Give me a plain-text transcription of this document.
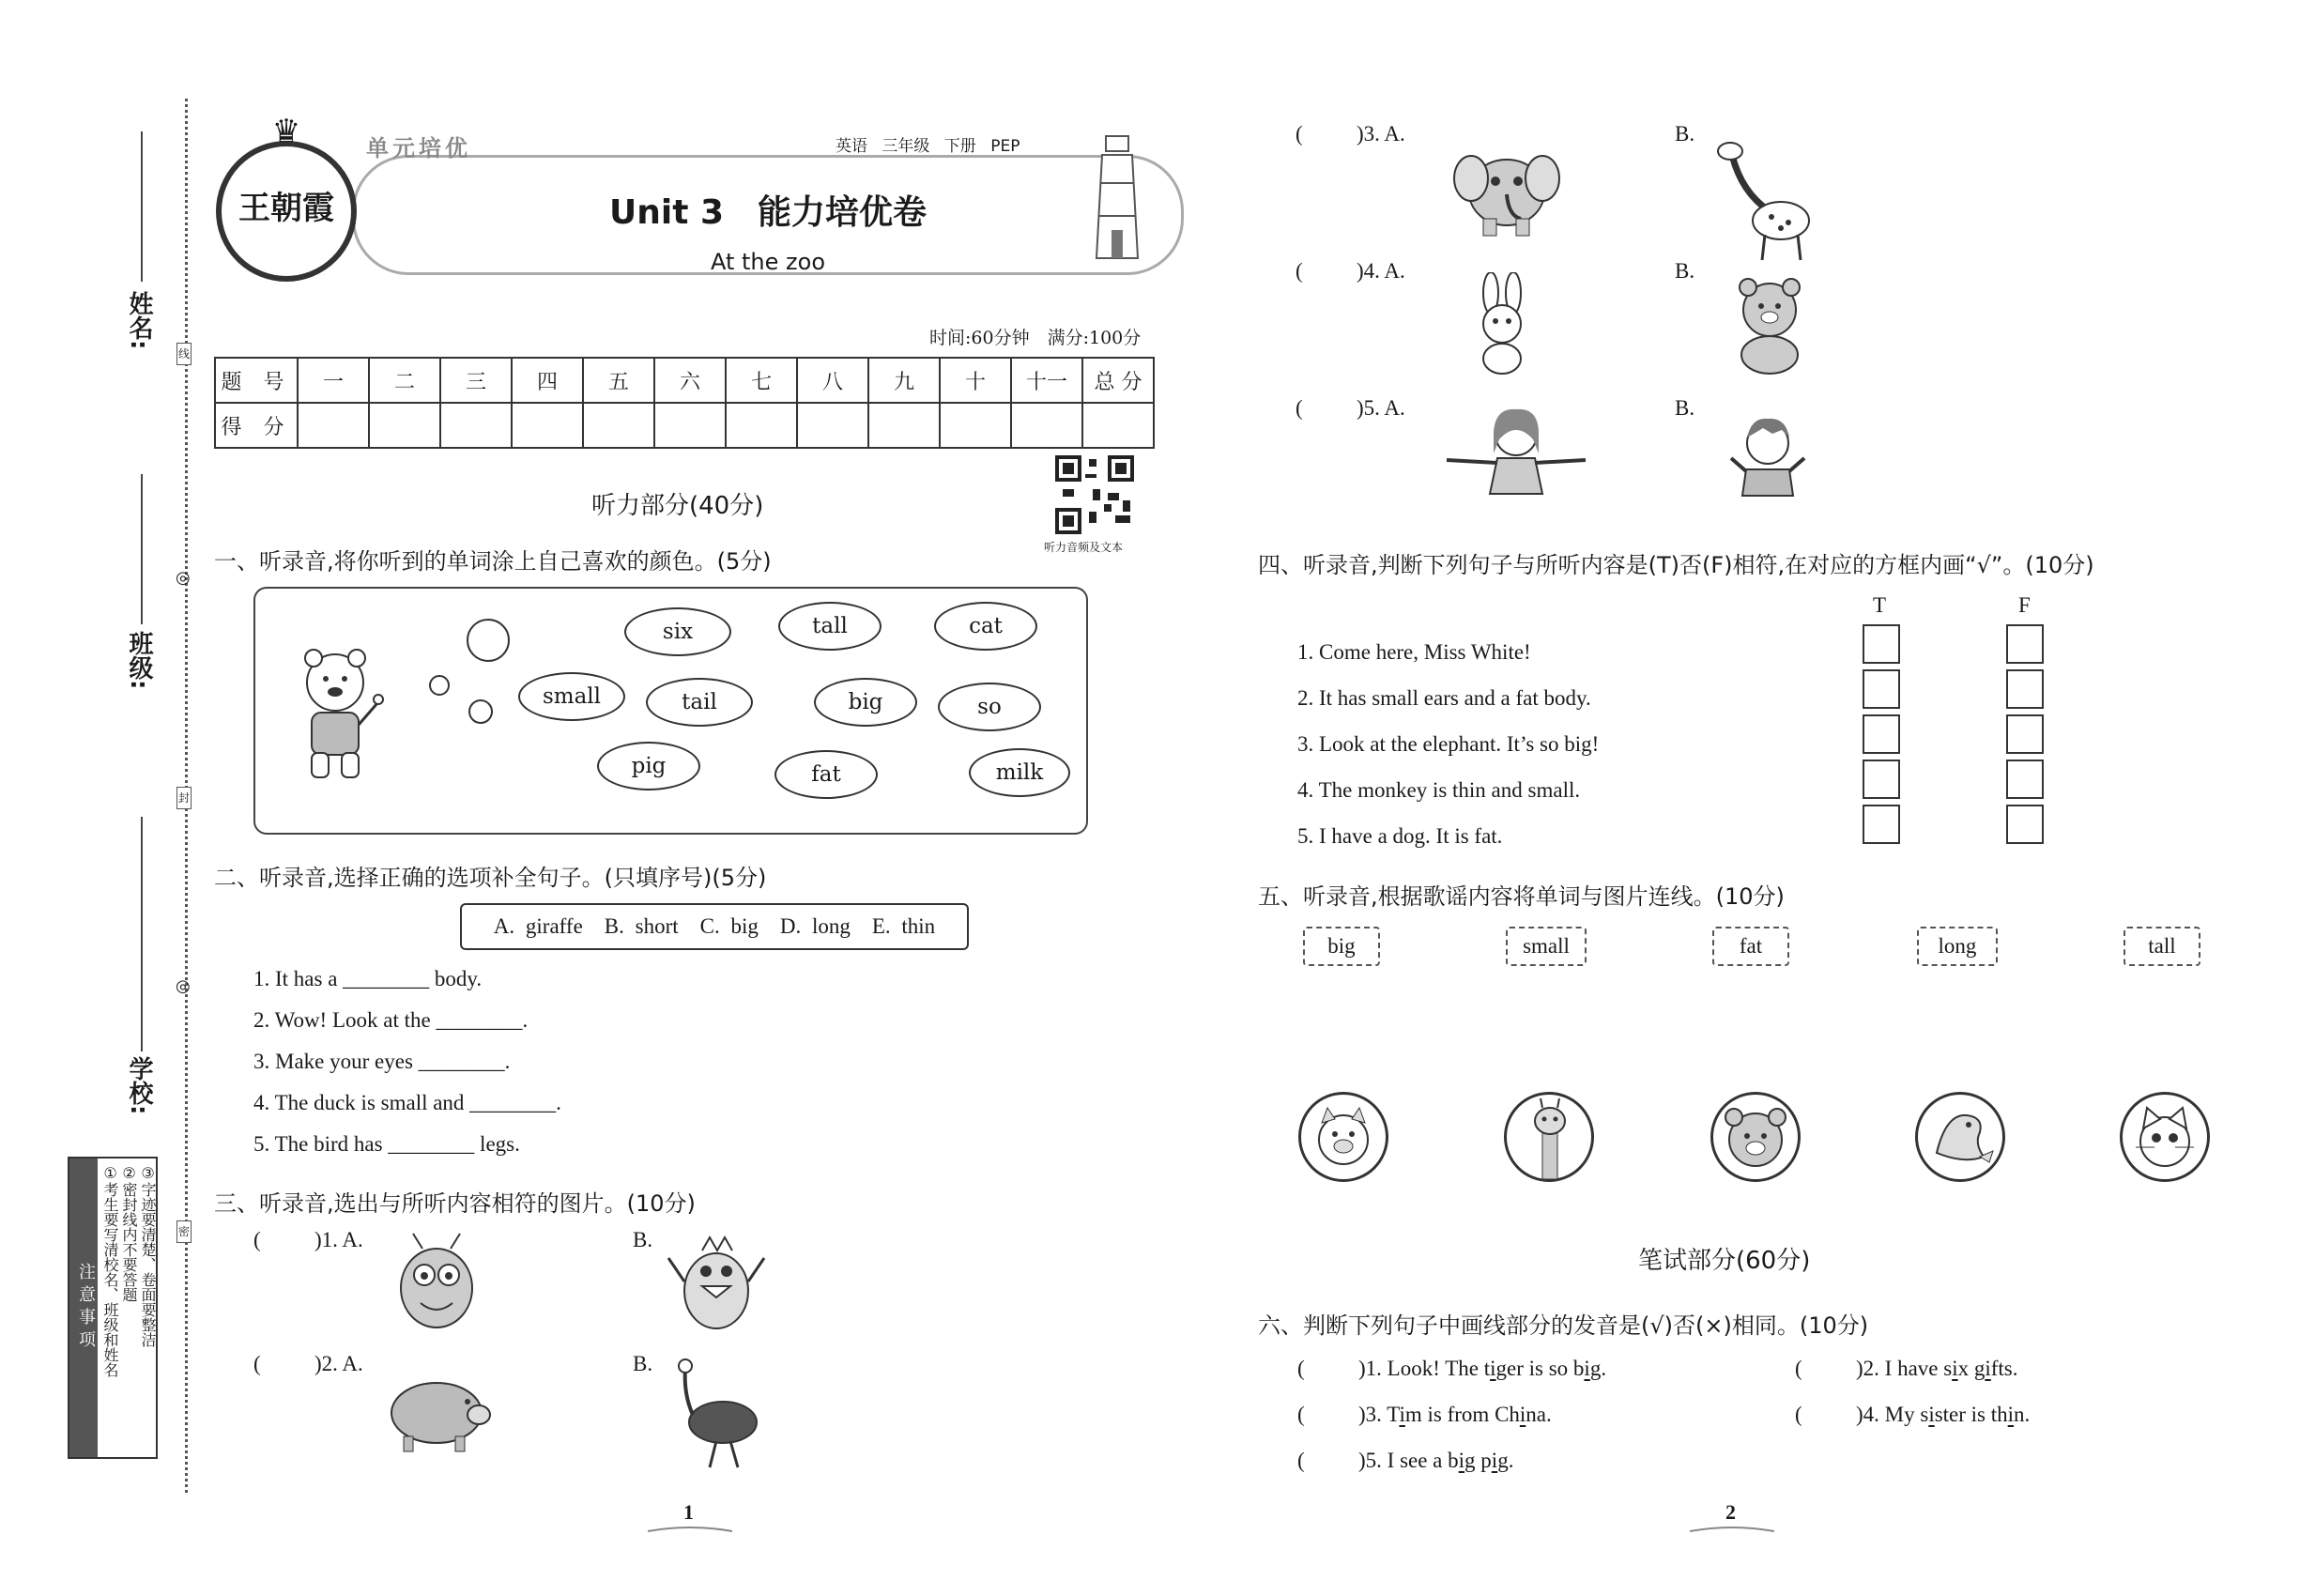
线
封
密
◎
◎
姓名:
班级:
学校:
注意事项 ①考生要写清校名、班级和姓名 ②密封线内不要答题 ③字迹要清楚、卷面要整洁
Unit 3　能力培优卷
At the zoo
♛
王朝霞
单元培优	英语 三年级 下册 PEP
时间:60分钟　满分:100分
题 号	一	二	三	四	五	六	七	八	九	十	十一	总 分
得 分												
听力部分(40分)
听力音频及文本
一、听录音,将你听到的单词涂上自己喜欢的颜色。(5分)
six	tall	cat
small	tail	big	so
pig	fat	milk
二、听录音,选择正确的选项补全句子。(只填序号)(5分)
A. giraffe　B. short　C. big　D. long　E. thin
1. It has a ________ body.
2. Wow! Look at the ________.
3. Make your eyes ________.
4. The duck is small and ________.
5. The bird has ________ legs.
三、听录音,选出与所听内容相符的图片。(10分)
( )1. A.	B.
( )2. A.	B.
( )3. A.	B.
( )4. A.	B.
( )5. A.	B.
四、听录音,判断下列句子与所听内容是(T)否(F)相符,在对应的方框内画“√”。(10分)
T	F
1. Come here, Miss White!
2. It has small ears and a fat body.
3. Look at the elephant. It’s so big!
4. The monkey is thin and small.
5. I have a dog. It is fat.
五、听录音,根据歌谣内容将单词与图片连线。(10分)
big	small	fat	long	tall
笔试部分(60分)
六、判断下列句子中画线部分的发音是(√)否(×)相同。(10分)
( )1. Look! The tiger is so big.	( )2. I have six gifts.
( )3. Tim is from China.	( )4. My sister is thin.
( )5. I see a big pig.
1	2
